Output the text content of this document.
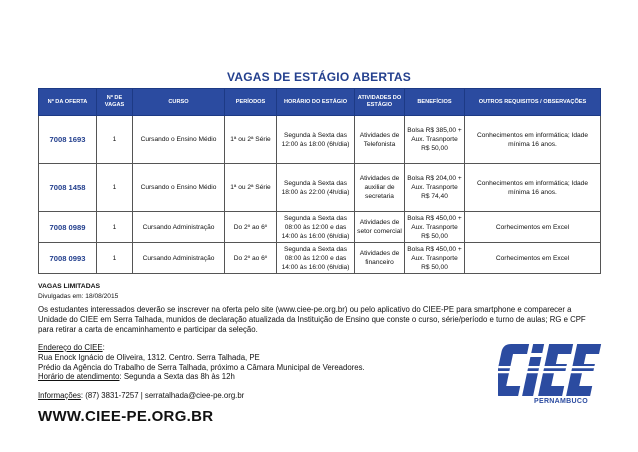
VAGAS DE ESTÁGIO ABERTAS
Nº DA OFERTA	Nº DE VAGAS	CURSO	PERÍODOS	HORÁRIO DO ESTÁGIO	ATIVIDADES DO ESTÁGIO	BENEFÍCIOS	OUTROS REQUISITOS / OBSERVAÇÕES
7008 1693	1	Cursando o Ensino Médio	1ª ou 2ª Série	Segunda à Sexta das 12:00 às 18:00 (6h/dia)	Atividades de Telefonista	Bolsa R$ 385,00 + Aux. Trasnporte R$ 50,00	Conhecimentos em informática; Idade mínima 16 anos.
7008 1458	1	Cursando o Ensino Médio	1ª ou 2ª Série	Segunda à Sexta das 18:00 às 22:00 (4h/dia)	Atividades de auxiliar de secretaria	Bolsa R$ 204,00 + Aux. Trasnporte R$ 74,40	Conhecimentos em informática; Idade mínima 16 anos.
7008 0989	1	Cursando Administração	Do 2º ao 6º	Segunda a Sexta das 08:00 às 12:00 e das 14:00 às 16:00 (6h/dia)	Atividades de setor comercial	Bolsa R$ 450,00 + Aux. Trasnporte R$ 50,00	Corhecimentos em Excel
7008 0993	1	Cursando Administração	Do 2º ao 6º	Segunda a Sexta das 08:00 às 12:00 e das 14:00 às 16:00 (6h/dia)	Atividades de financeiro	Bolsa R$ 450,00 + Aux. Trasnporte R$ 50,00	Corhecimentos em Excel
VAGAS LIMITADAS
Divulgadas em: 18/08/2015
Os estudantes interessados deverão se inscrever na oferta pelo site (www.ciee-pe.org.br) ou pelo aplicativo do CIEE-PE para smartphone e comparecer a Unidade do CIEE em Serra Talhada, munidos de declaração atualizada da Instituição de Ensino que conste o curso, série/período e turno de aulas; RG e CPF para retirar a carta de encaminhamento e participar da seleção.
Endereço do CIEE:
Rua Enock Ignácio de Oliveira, 1312. Centro. Serra Talhada, PE
Prédio da Agência do Trabalho de Serra Talhada, próximo a Câmara Municipal de Vereadores.
Horário de atendimento: Segunda a Sexta das 8h às 12h
Informações: (87) 3831-7257 | serratalhada@ciee-pe.org.br
WWW.CIEE-PE.ORG.BR
PERNAMBUCO
